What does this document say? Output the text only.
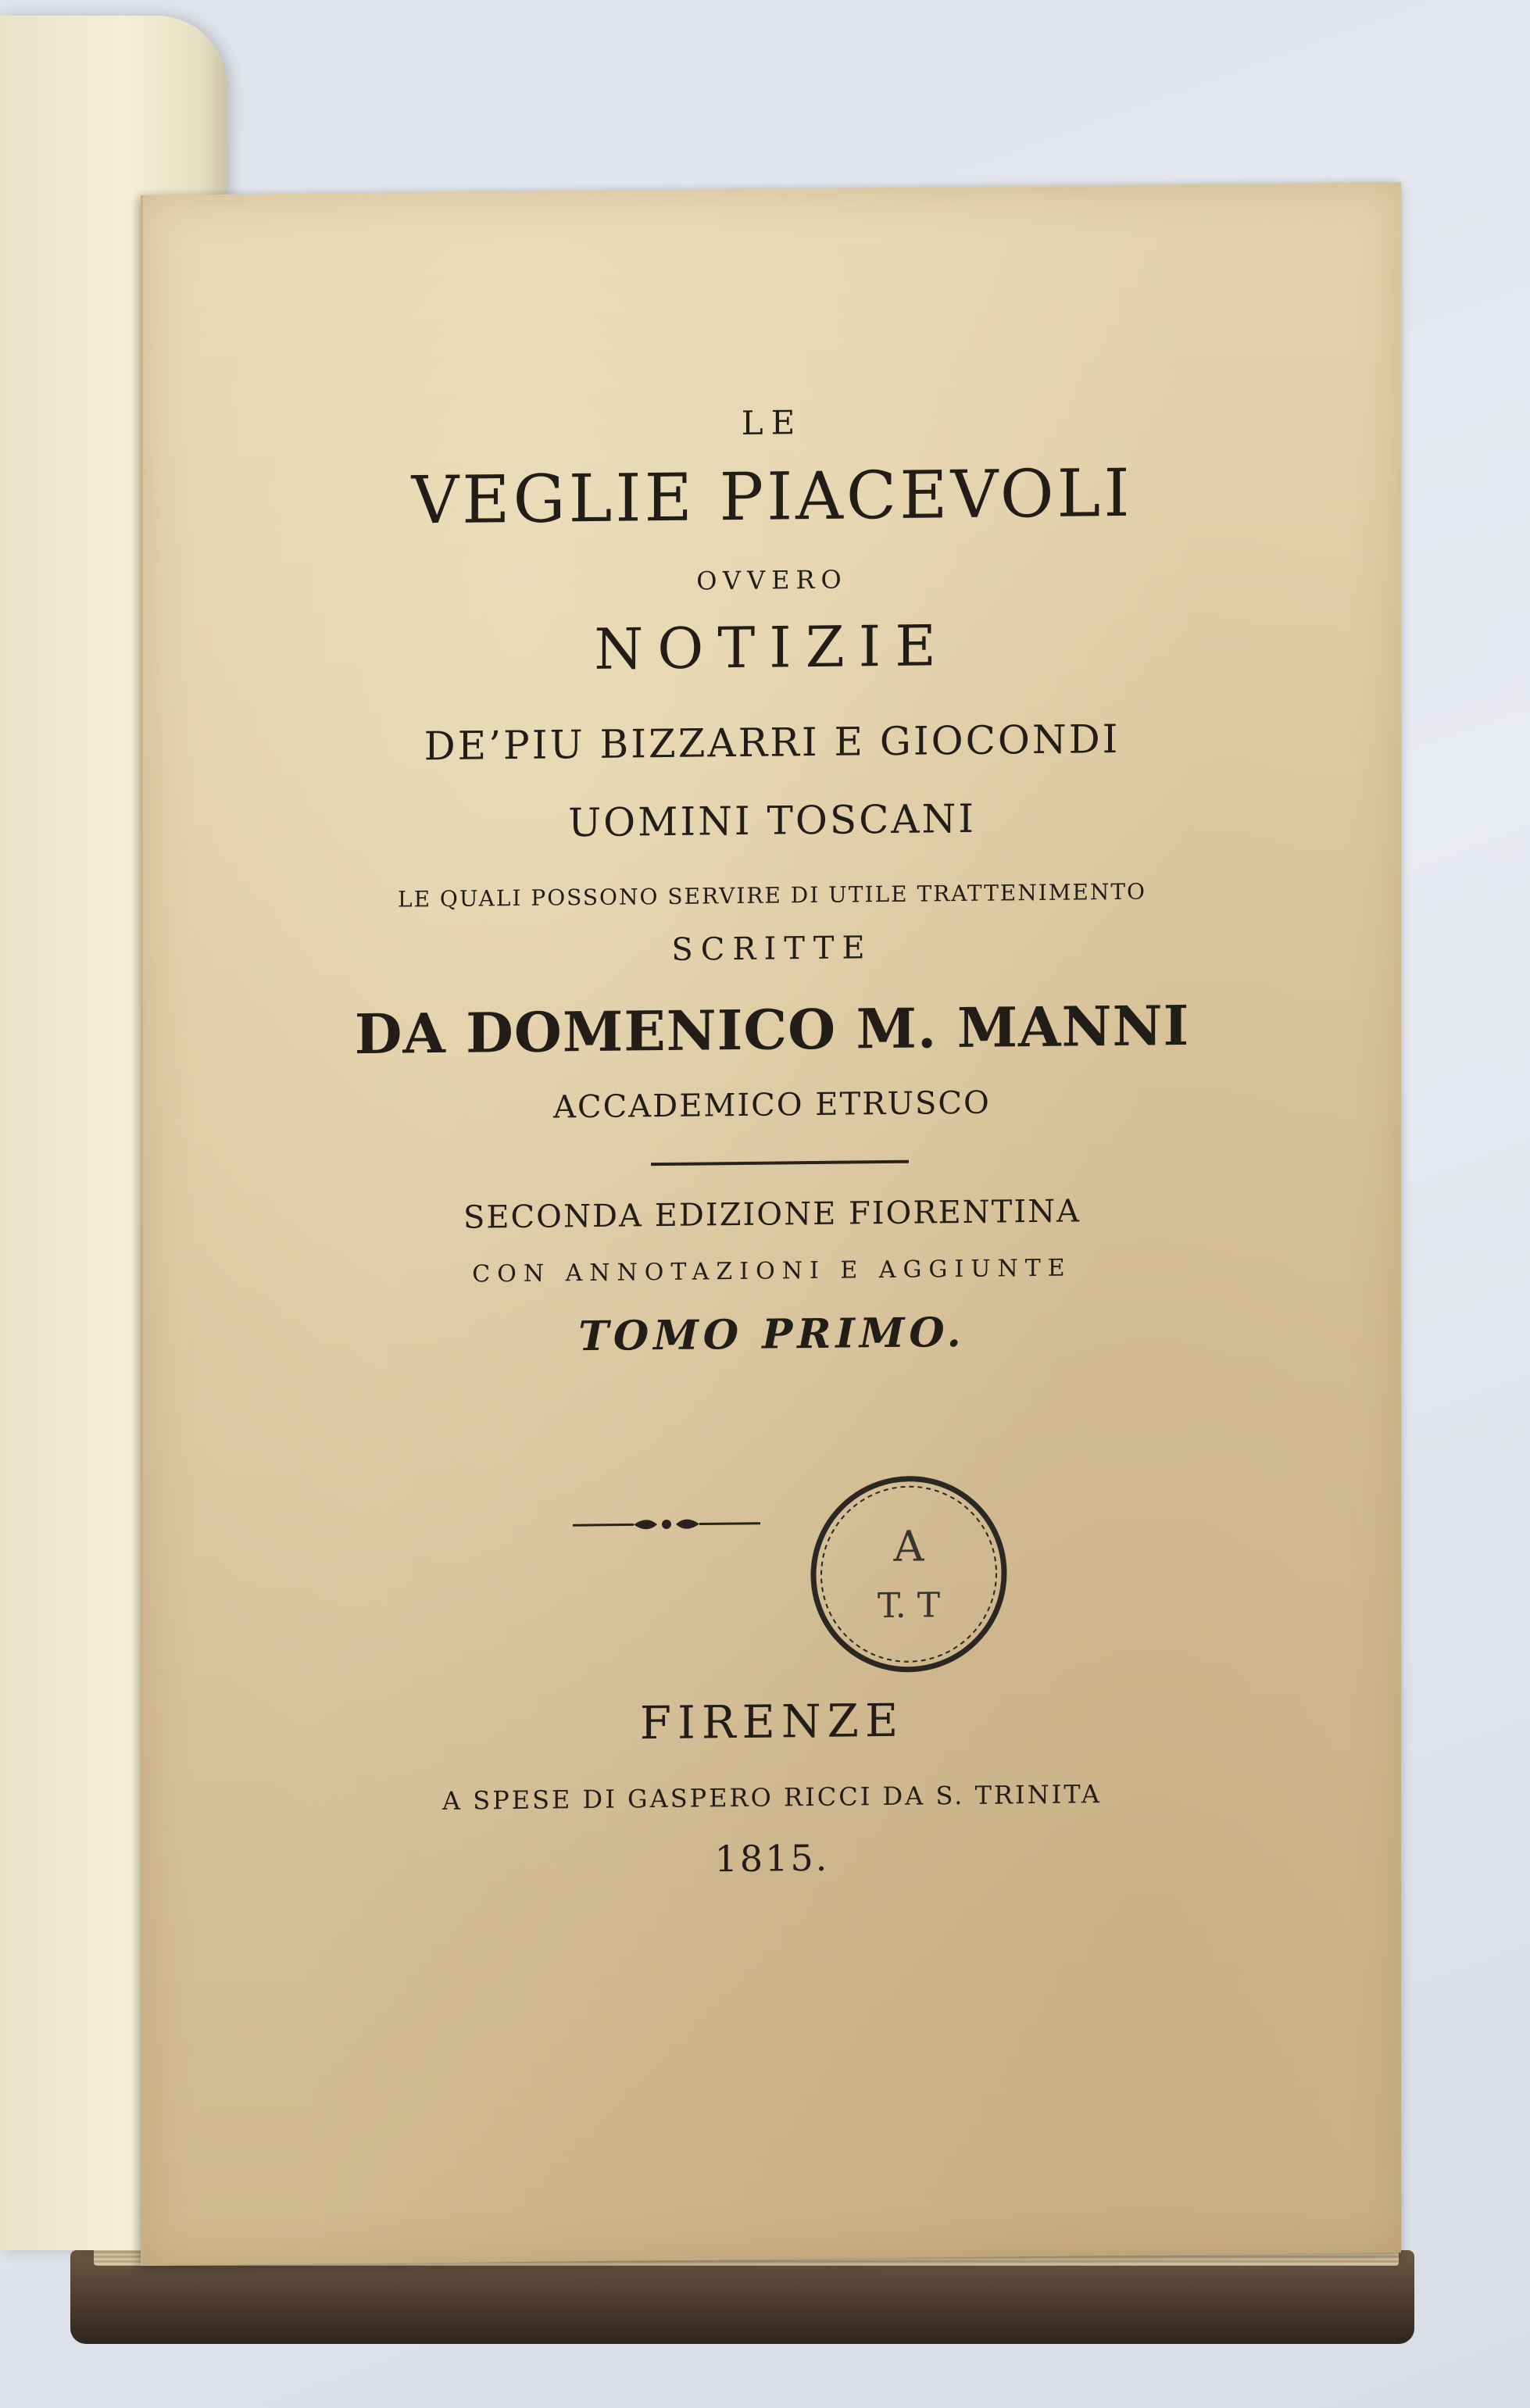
LE

VEGLIE PIACEVOLI

OVVERO

NOTIZIE

DE’PIU BIZZARRI E GIOCONDI

UOMINI TOSCANI

LE QUALI POSSONO SERVIRE DI UTILE TRATTENIMENTO

SCRITTE

DA DOMENICO M. MANNI

ACCADEMICO ETRUSCO

SECONDA EDIZIONE FIORENTINA

CON ANNOTAZIONI E AGGIUNTE

TOMO PRIMO.

A
T. T

FIRENZE

A SPESE DI GASPERO RICCI DA S. TRINITA

1815.
